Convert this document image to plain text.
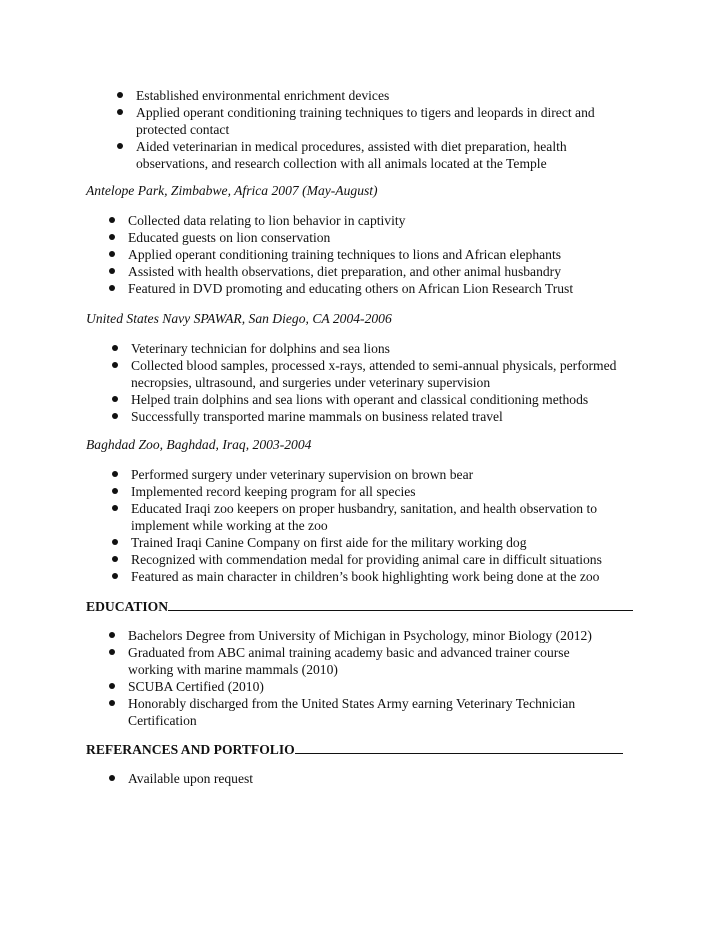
Established environmental enrichment devices
Applied operant conditioning training techniques to tigers and leopards in direct and
protected contact
Aided veterinarian in medical procedures, assisted with diet preparation, health
observations, and research collection with all animals located at the Temple
Antelope Park, Zimbabwe, Africa 2007 (May-August)
Collected data relating to lion behavior in captivity
Educated guests on lion conservation
Applied operant conditioning training techniques to lions and African elephants
Assisted with health observations, diet preparation, and other animal husbandry
Featured in DVD promoting and educating others on African Lion Research Trust
United States Navy SPAWAR, San Diego, CA 2004-2006
Veterinary technician for dolphins and sea lions
Collected blood samples, processed x-rays, attended to semi-annual physicals, performed
necropsies, ultrasound, and surgeries under veterinary supervision
Helped train dolphins and sea lions with operant and classical conditioning methods
Successfully transported marine mammals on business related travel
Baghdad Zoo, Baghdad, Iraq, 2003-2004
Performed surgery under veterinary supervision on brown bear
Implemented record keeping program for all species
Educated Iraqi zoo keepers on proper husbandry, sanitation, and health observation to
implement while working at the zoo
Trained Iraqi Canine Company on first aide for the military working dog
Recognized with commendation medal for providing animal care in difficult situations
Featured as main character in children’s book highlighting work being done at the zoo
EDUCATION
Bachelors Degree from University of Michigan in Psychology, minor Biology (2012)
Graduated from ABC animal training academy basic and advanced trainer course
working with marine mammals (2010)
SCUBA Certified (2010)
Honorably discharged from the United States Army earning Veterinary Technician
Certification
REFERANCES AND PORTFOLIO
Available upon request
